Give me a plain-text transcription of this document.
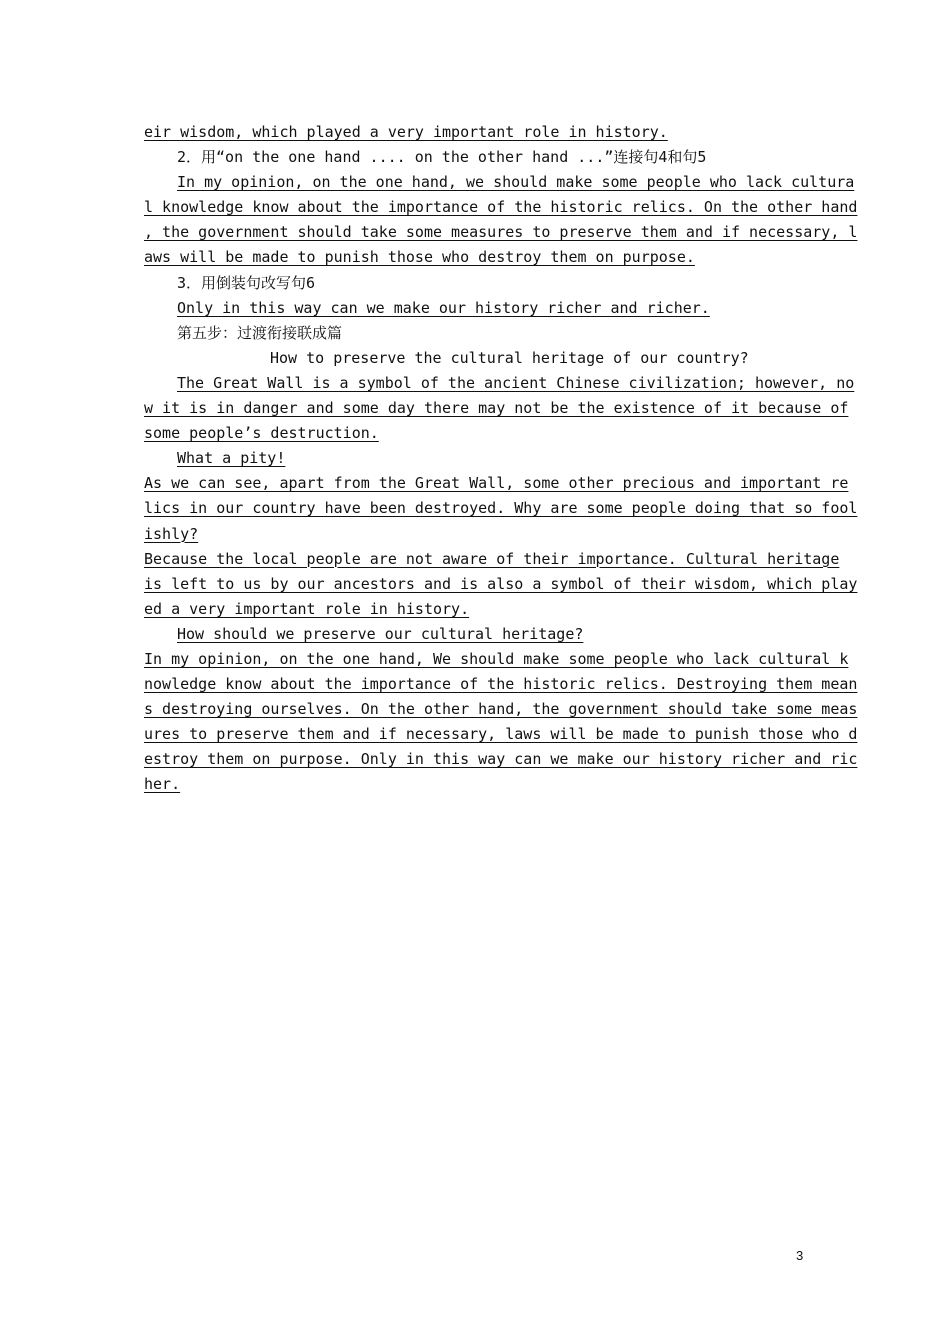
eir wisdom, which played a very important role in history.
2．用“on the one hand .... on the other hand ...”连接句4和句5
In my opinion, on the one hand, we should make some people who lack cultura
l knowledge know about the importance of the historic relics. On the other hand
, the government should take some measures to preserve them and if necessary, l
aws will be made to punish those who destroy them on purpose.
3．用倒装句改写句6
Only in this way can we make our history richer and richer.
第五步：过渡衔接联成篇
How to preserve the cultural heritage of our country?
The Great Wall is a symbol of the ancient Chinese civilization; however, no
w it is in danger and some day there may not be the existence of it because of
some people’s destruction.
What a pity!
As we can see, apart from the Great Wall, some other precious and important re
lics in our country have been destroyed. Why are some people doing that so fool
ishly?
Because the local people are not aware of their importance. Cultural heritage
is left to us by our ancestors and is also a symbol of their wisdom, which play
ed a very important role in history.
How should we preserve our cultural heritage?
In my opinion, on the one hand, We should make some people who lack cultural k
nowledge know about the importance of the historic relics. Destroying them mean
s destroying ourselves. On the other hand, the government should take some meas
ures to preserve them and if necessary, laws will be made to punish those who d
estroy them on purpose. Only in this way can we make our history richer and ric
her.
3
